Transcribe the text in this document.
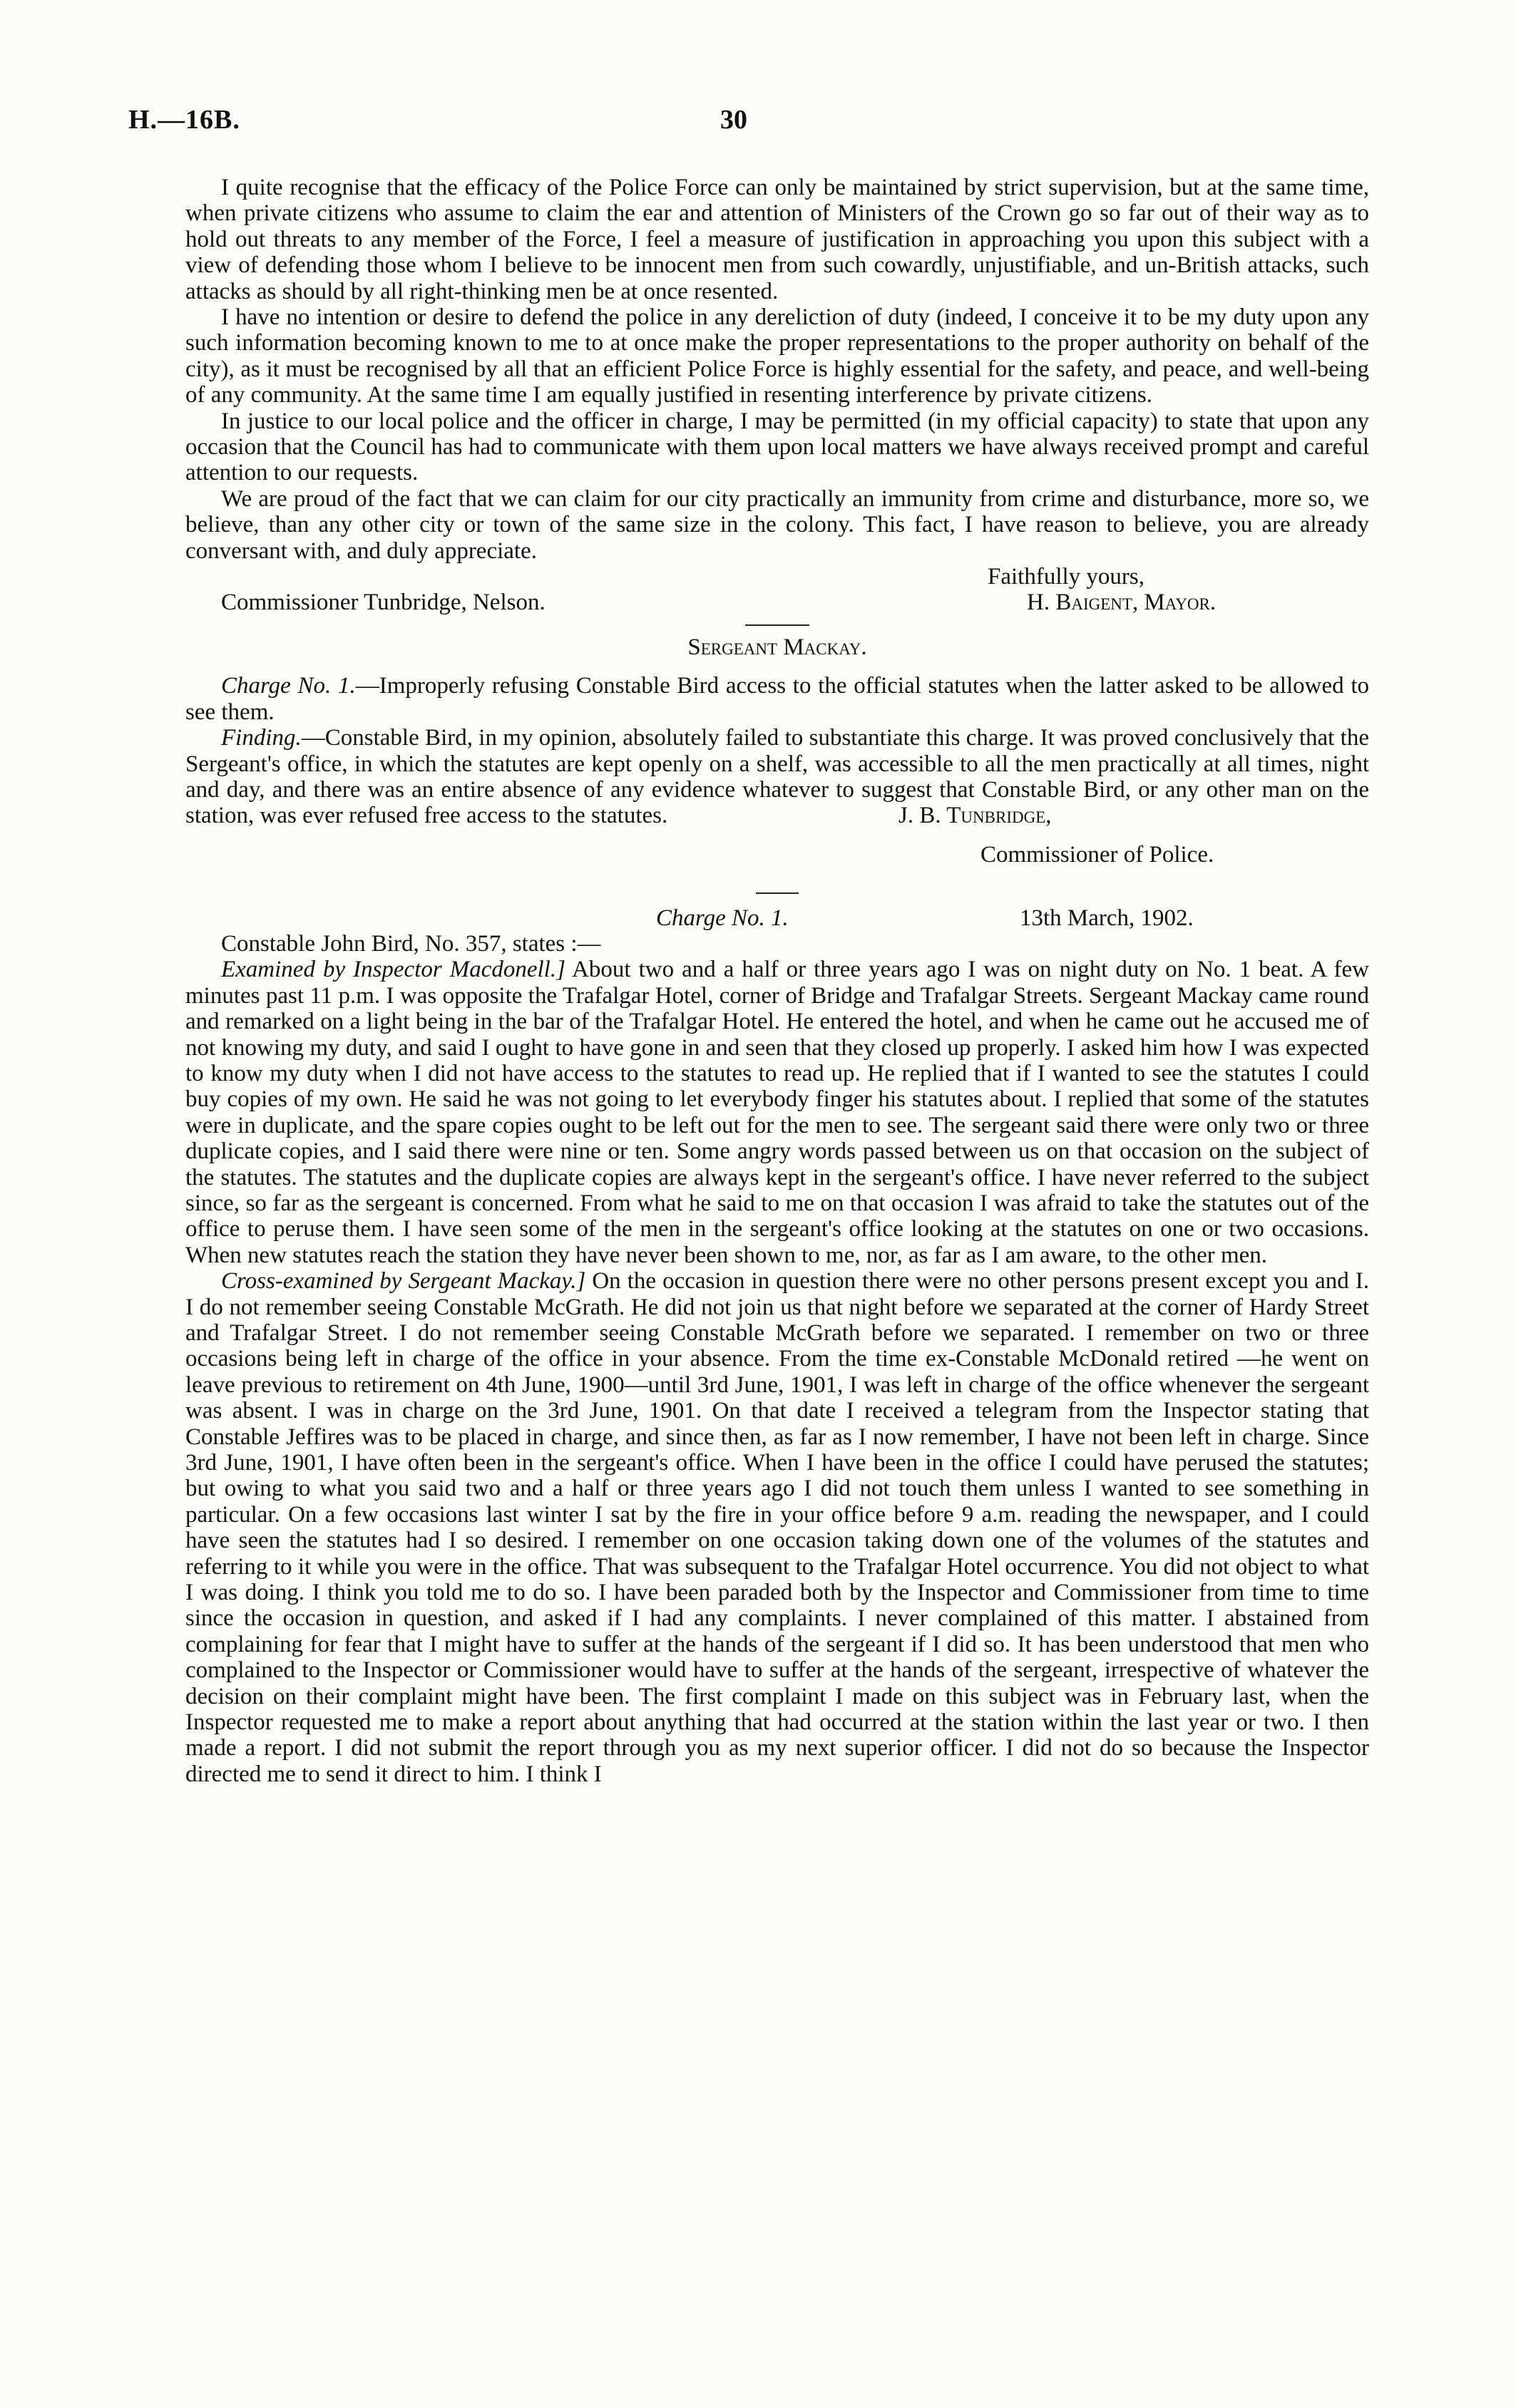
H.—16B.	30

I quite recognise that the efficacy of the Police Force can only be maintained by strict supervision, but at the same time, when private citizens who assume to claim the ear and attention of Ministers of the Crown go so far out of their way as to hold out threats to any member of the Force, I feel a measure of justification in approaching you upon this subject with a view of defending those whom I believe to be innocent men from such cowardly, unjustifiable, and un-British attacks, such attacks as should by all right-thinking men be at once resented.

I have no intention or desire to defend the police in any dereliction of duty (indeed, I conceive it to be my duty upon any such information becoming known to me to at once make the proper representations to the proper authority on behalf of the city), as it must be recognised by all that an efficient Police Force is highly essential for the safety, and peace, and well-being of any community. At the same time I am equally justified in resenting interference by private citizens.

In justice to our local police and the officer in charge, I may be permitted (in my official capacity) to state that upon any occasion that the Council has had to communicate with them upon local matters we have always received prompt and careful attention to our requests.

We are proud of the fact that we can claim for our city practically an immunity from crime and disturbance, more so, we believe, than any other city or town of the same size in the colony. This fact, I have reason to believe, you are already conversant with, and duly appreciate.

Faithfully yours,
Commissioner Tunbridge, Nelson.	H. Baigent, Mayor.

Sergeant Mackay.

Charge No. 1.—Improperly refusing Constable Bird access to the official statutes when the latter asked to be allowed to see them.

Finding.—Constable Bird, in my opinion, absolutely failed to substantiate this charge. It was proved conclusively that the Sergeant's office, in which the statutes are kept openly on a shelf, was accessible to all the men practically at all times, night and day, and there was an entire absence of any evidence whatever to suggest that Constable Bird, or any other man on the station, was ever refused free access to the statutes.	J. B. Tunbridge,
Commissioner of Police.
Charge No. 1.	13th March, 1902.

Constable John Bird, No. 357, states :—

Examined by Inspector Macdonell.] About two and a half or three years ago I was on night duty on No. 1 beat. A few minutes past 11 p.m. I was opposite the Trafalgar Hotel, corner of Bridge and Trafalgar Streets. Sergeant Mackay came round and remarked on a light being in the bar of the Trafalgar Hotel. He entered the hotel, and when he came out he accused me of not knowing my duty, and said I ought to have gone in and seen that they closed up properly. I asked him how I was expected to know my duty when I did not have access to the statutes to read up. He replied that if I wanted to see the statutes I could buy copies of my own. He said he was not going to let everybody finger his statutes about. I replied that some of the statutes were in duplicate, and the spare copies ought to be left out for the men to see. The sergeant said there were only two or three duplicate copies, and I said there were nine or ten. Some angry words passed between us on that occasion on the subject of the statutes. The statutes and the duplicate copies are always kept in the sergeant's office. I have never referred to the subject since, so far as the sergeant is concerned. From what he said to me on that occasion I was afraid to take the statutes out of the office to peruse them. I have seen some of the men in the sergeant's office looking at the statutes on one or two occasions. When new statutes reach the station they have never been shown to me, nor, as far as I am aware, to the other men.

Cross-examined by Sergeant Mackay.] On the occasion in question there were no other persons present except you and I. I do not remember seeing Constable McGrath. He did not join us that night before we separated at the corner of Hardy Street and Trafalgar Street. I do not remember seeing Constable McGrath before we separated. I remember on two or three occasions being left in charge of the office in your absence. From the time ex-Constable McDonald retired —he went on leave previous to retirement on 4th June, 1900—until 3rd June, 1901, I was left in charge of the office whenever the sergeant was absent. I was in charge on the 3rd June, 1901. On that date I received a telegram from the Inspector stating that Constable Jeffires was to be placed in charge, and since then, as far as I now remember, I have not been left in charge. Since 3rd June, 1901, I have often been in the sergeant's office. When I have been in the office I could have perused the statutes; but owing to what you said two and a half or three years ago I did not touch them unless I wanted to see something in particular. On a few occasions last winter I sat by the fire in your office before 9 a.m. reading the newspaper, and I could have seen the statutes had I so desired. I remember on one occasion taking down one of the volumes of the statutes and referring to it while you were in the office. That was subsequent to the Trafalgar Hotel occurrence. You did not object to what I was doing. I think you told me to do so. I have been paraded both by the Inspector and Commissioner from time to time since the occasion in question, and asked if I had any complaints. I never complained of this matter. I abstained from complaining for fear that I might have to suffer at the hands of the sergeant if I did so. It has been understood that men who complained to the Inspector or Commissioner would have to suffer at the hands of the sergeant, irrespective of whatever the decision on their complaint might have been. The first complaint I made on this subject was in February last, when the Inspector requested me to make a report about anything that had occurred at the station within the last year or two. I then made a report. I did not submit the report through you as my next superior officer. I did not do so because the Inspector directed me to send it direct to him. I think I
